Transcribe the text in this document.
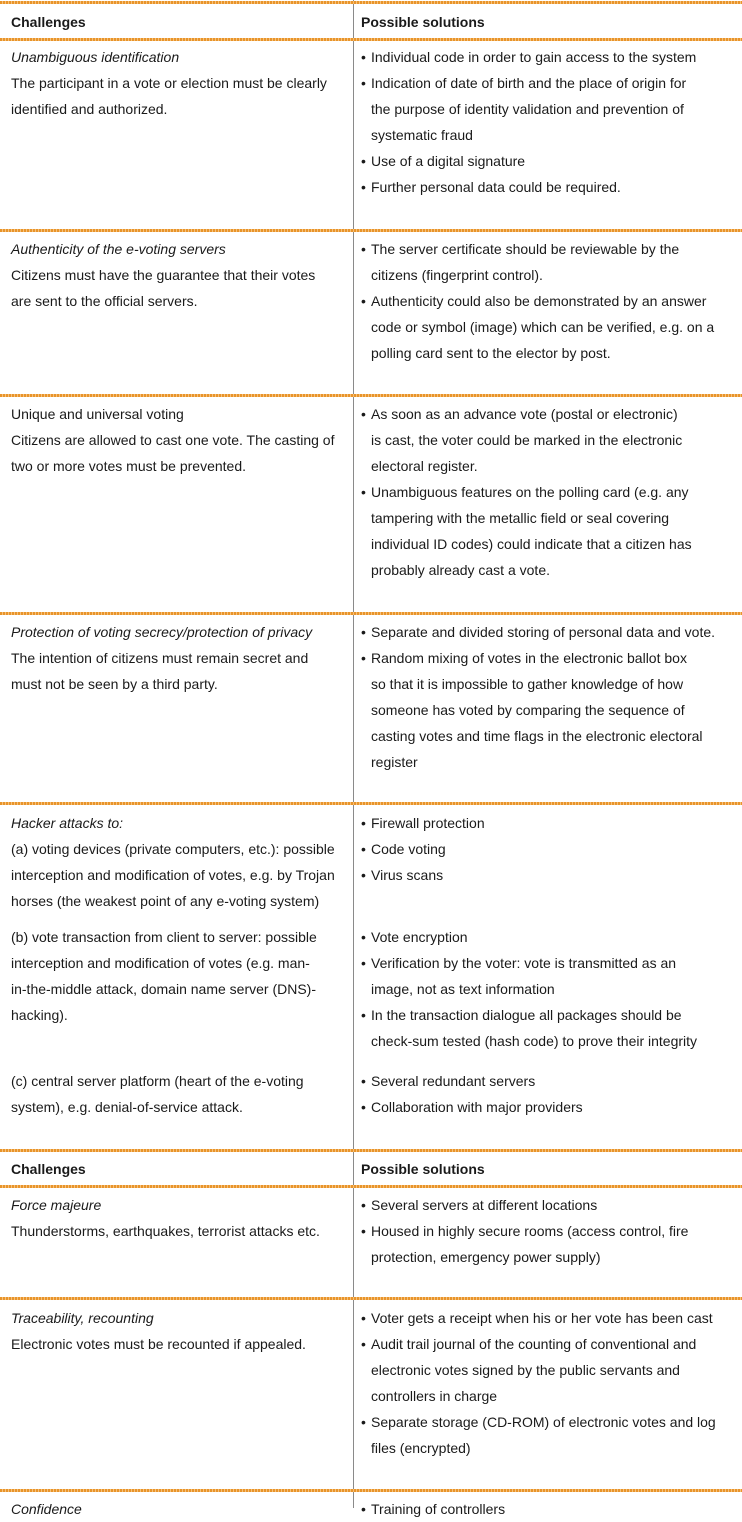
Challenges	Possible solutions
Unambiguous identification
The participant in a vote or election must be clearly
identified and authorized.
• Individual code in order to gain access to the system
• Indication of date of birth and the place of origin for
the purpose of identity validation and prevention of
systematic fraud
• Use of a digital signature
• Further personal data could be required.
Authenticity of the e-voting servers
Citizens must have the guarantee that their votes
are sent to the official servers.
• The server certificate should be reviewable by the
citizens (fingerprint control).
• Authenticity could also be demonstrated by an answer
code or symbol (image) which can be verified, e.g. on a
polling card sent to the elector by post.
Unique and universal voting
Citizens are allowed to cast one vote. The casting of
two or more votes must be prevented.
• As soon as an advance vote (postal or electronic)
is cast, the voter could be marked in the electronic
electoral register.
• Unambiguous features on the polling card (e.g. any
tampering with the metallic field or seal covering
individual ID codes) could indicate that a citizen has
probably already cast a vote.
Protection of voting secrecy/protection of privacy
The intention of citizens must remain secret and
must not be seen by a third party.
• Separate and divided storing of personal data and vote.
• Random mixing of votes in the electronic ballot box
so that it is impossible to gather knowledge of how
someone has voted by comparing the sequence of
casting votes and time flags in the electronic electoral
register
Hacker attacks to:
(a) voting devices (private computers, etc.): possible
interception and modification of votes, e.g. by Trojan
horses (the weakest point of any e-voting system)
• Firewall protection
• Code voting
• Virus scans
(b) vote transaction from client to server: possible
interception and modification of votes (e.g. man-
in-the-middle attack, domain name server (DNS)-
hacking).
• Vote encryption
• Verification by the voter: vote is transmitted as an
image, not as text information
• In the transaction dialogue all packages should be
check-sum tested (hash code) to prove their integrity
(c) central server platform (heart of the e-voting
system), e.g. denial-of-service attack.
• Several redundant servers
• Collaboration with major providers
Challenges	Possible solutions
Force majeure
Thunderstorms, earthquakes, terrorist attacks etc.
• Several servers at different locations
• Housed in highly secure rooms (access control, fire
protection, emergency power supply)
Traceability, recounting
Electronic votes must be recounted if appealed.
• Voter gets a receipt when his or her vote has been cast
• Audit trail journal of the counting of conventional and
electronic votes signed by the public servants and
controllers in charge
• Separate storage (CD-ROM) of electronic votes and log
files (encrypted)
Confidence
•	Training of controllers
